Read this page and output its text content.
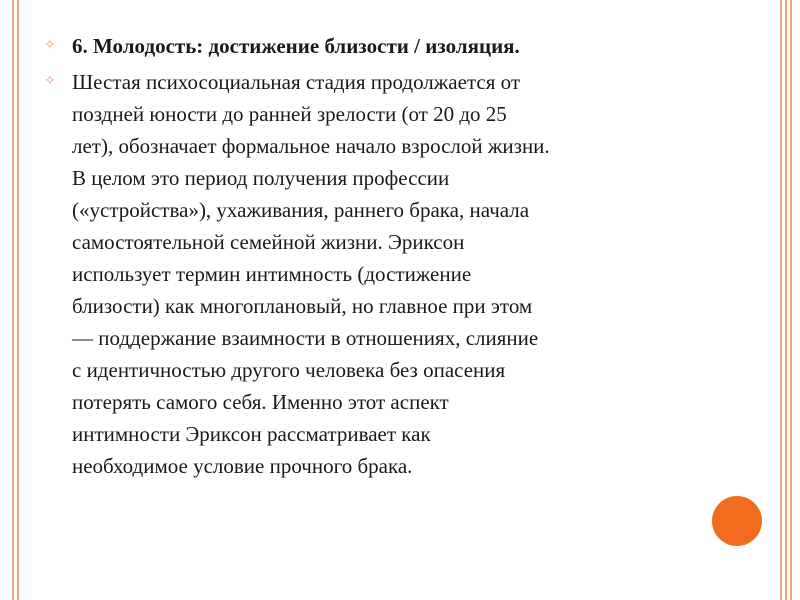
✧ 6. Молодость: достижение близости / изоляция.
✧ Шестая психосоциальная стадия продолжается от
поздней юности до ранней зрелости (от 20 до 25
лет), обозначает формальное начало взрослой жизни.
В целом это период получения профессии
(«устройства»), ухаживания, раннего брака, начала
самостоятельной семейной жизни. Эриксон
использует термин интимность (достижение
близости) как многоплановый, но главное при этом
— поддержание взаимности в отношениях, слияние
с идентичностью другого человека без опасения
потерять самого себя. Именно этот аспект
интимности Эриксон рассматривает как
необходимое условие прочного брака.
